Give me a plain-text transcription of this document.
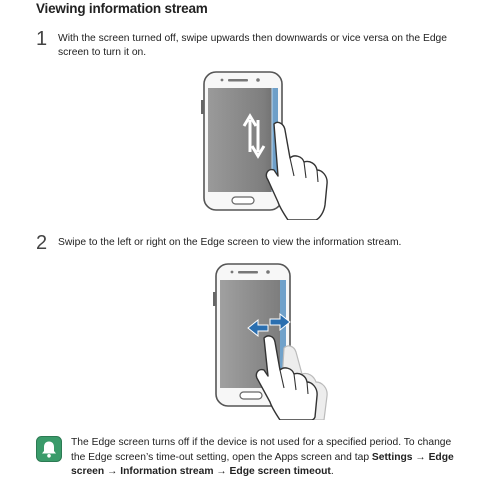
Viewing information stream
1 With the screen turned off, swipe upwards then downwards or vice versa on the Edge
screen to turn it on.
2 Swipe to the left or right on the Edge screen to view the information stream.
The Edge screen turns off if the device is not used for a specified period. To change
the Edge screen’s time-out setting, open the Apps screen and tap Settings → Edge
screen → Information stream → Edge screen timeout.
